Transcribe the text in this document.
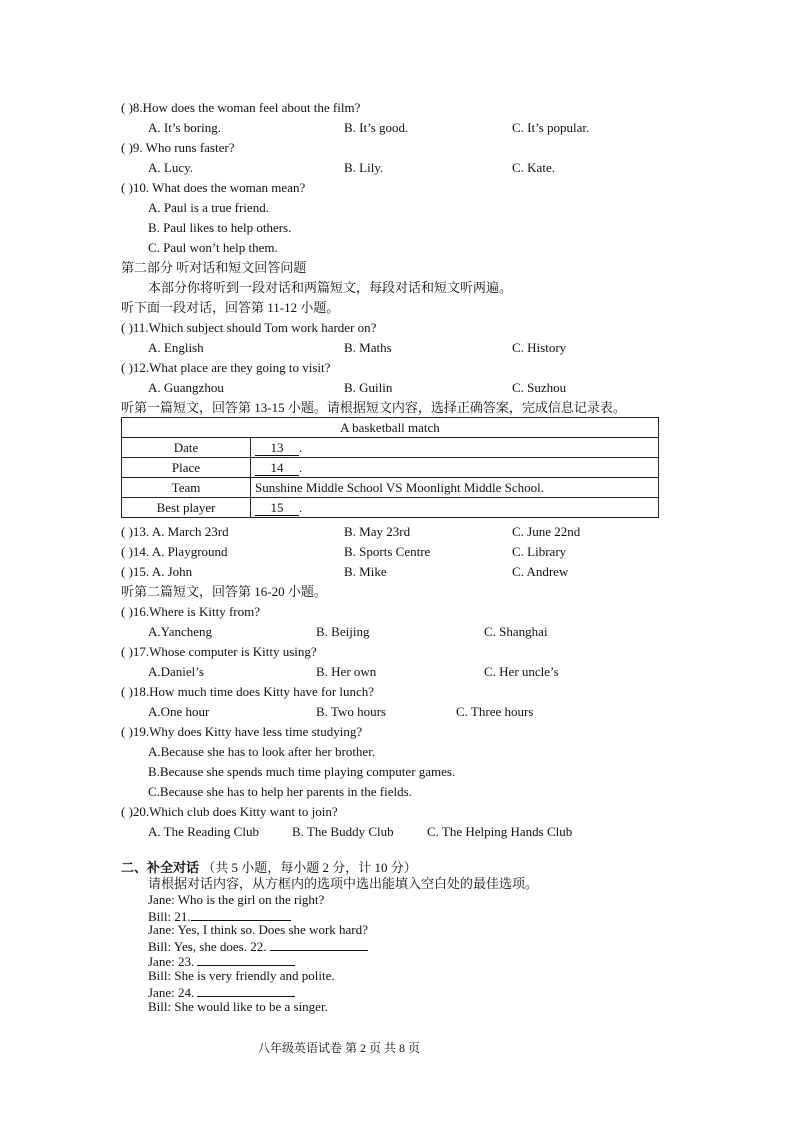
( )8.How does the woman feel about the film?
A. It’s boring.	B. It’s good.	C. It’s popular.
( )9. Who runs faster?
A. Lucy.	B. Lily.	C. Kate.
( )10. What does the woman mean?
A. Paul is a true friend.
B. Paul likes to help others.
C. Paul won’t help them.
第二部分 听对话和短文回答问题
本部分你将听到一段对话和两篇短文，每段对话和短文听两遍。
听下面一段对话，回答第 11-12 小题。
( )11.Which subject should Tom work harder on?
A. English	B. Maths	C. History
( )12.What place are they going to visit?
A. Guangzhou	B. Guilin	C. Suzhou
听第一篇短文，回答第 13-15 小题。请根据短文内容，选择正确答案，完成信息记录表。
A basketball match	
Date	13 .
Place	14 .
Team	Sunshine Middle School VS Moonlight Middle School.
Best player	15 .
( )13. A. March 23rd	B. May 23rd	C. June 22nd
( )14. A. Playground	B. Sports Centre	C. Library
( )15. A. John	B. Mike	C. Andrew
听第二篇短文，回答第 16-20 小题。
( )16.Where is Kitty from?
A.Yancheng	B. Beijing	C. Shanghai
( )17.Whose computer is Kitty using?
A.Daniel’s	B. Her own	C. Her uncle’s
( )18.How much time does Kitty have for lunch?
A.One hour	B. Two hours	C. Three hours
( )19.Why does Kitty have less time studying?
A.Because she has to look after her brother.
B.Because she spends much time playing computer games.
C.Because she has to help her parents in the fields.
( )20.Which club does Kitty want to join?
A. The Reading Club	B. The Buddy Club	C. The Helping Hands Club
二、补全对话 （共 5 小题，每小题 2 分，计 10 分）
请根据对话内容，从方框内的选项中选出能填入空白处的最佳选项。
Jane: Who is the girl on the right?
Bill: 21.
Jane: Yes, I think so. Does she work hard?
Bill: Yes, she does. 22.
Jane: 23.
Bill: She is very friendly and polite.
Jane: 24.
Bill: She would like to be a singer.
八年级英语试卷 第 2 页 共 8 页
